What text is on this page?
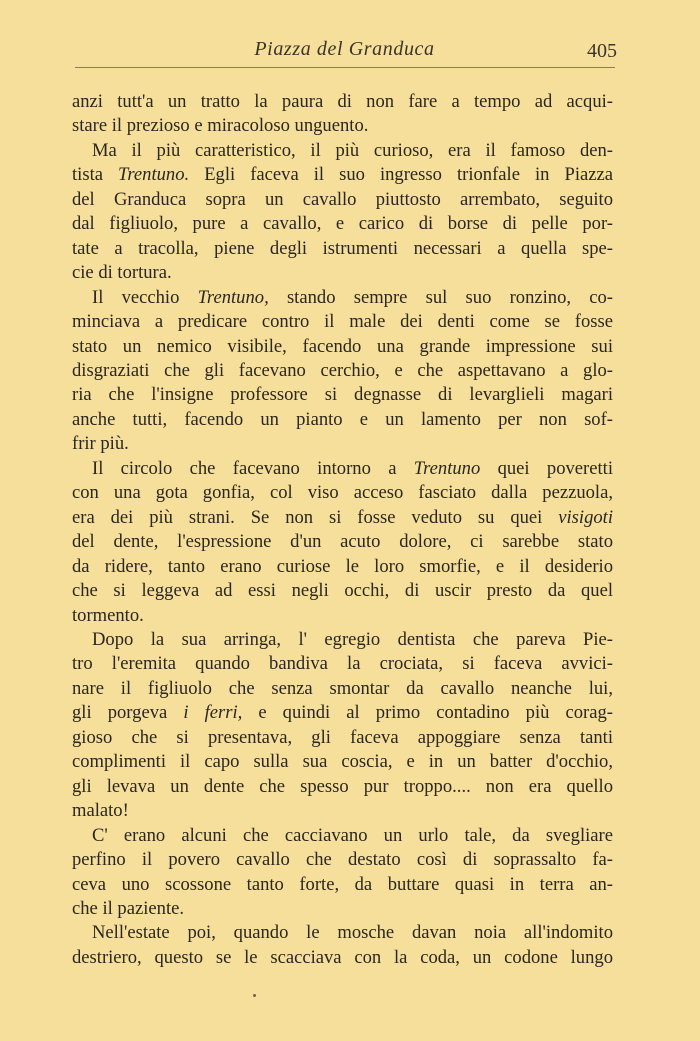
Piazza del Granduca	405
anzi tutt'a un tratto la paura di non fare a tempo ad acqui-
stare il prezioso e miracoloso unguento.
Ma il più caratteristico, il più curioso, era il famoso den-
tista Trentuno. Egli faceva il suo ingresso trionfale in Piazza
del Granduca sopra un cavallo piuttosto arrembato, seguito
dal figliuolo, pure a cavallo, e carico di borse di pelle por-
tate a tracolla, piene degli istrumenti necessari a quella spe-
cie di tortura.
Il vecchio Trentuno, stando sempre sul suo ronzino, co-
minciava a predicare contro il male dei denti come se fosse
stato un nemico visibile, facendo una grande impressione sui
disgraziati che gli facevano cerchio, e che aspettavano a glo-
ria che l'insigne professore si degnasse di levarglieli magari
anche tutti, facendo un pianto e un lamento per non sof-
frir più.
Il circolo che facevano intorno a Trentuno quei poveretti
con una gota gonfia, col viso acceso fasciato dalla pezzuola,
era dei più strani. Se non si fosse veduto su quei visigoti
del dente, l'espressione d'un acuto dolore, ci sarebbe stato
da ridere, tanto erano curiose le loro smorfie, e il desiderio
che si leggeva ad essi negli occhi, di uscir presto da quel
tormento.
Dopo la sua arringa, l' egregio dentista che pareva Pie-
tro l'eremita quando bandiva la crociata, si faceva avvici-
nare il figliuolo che senza smontar da cavallo neanche lui,
gli porgeva i ferri, e quindi al primo contadino più corag-
gioso che si presentava, gli faceva appoggiare senza tanti
complimenti il capo sulla sua coscia, e in un batter d'occhio,
gli levava un dente che spesso pur troppo.... non era quello
malato!
C' erano alcuni che cacciavano un urlo tale, da svegliare
perfino il povero cavallo che destato così di soprassalto fa-
ceva uno scossone tanto forte, da buttare quasi in terra an-
che il paziente.
Nell'estate poi, quando le mosche davan noia all'indomito
destriero, questo se le scacciava con la coda, un codone lungo
